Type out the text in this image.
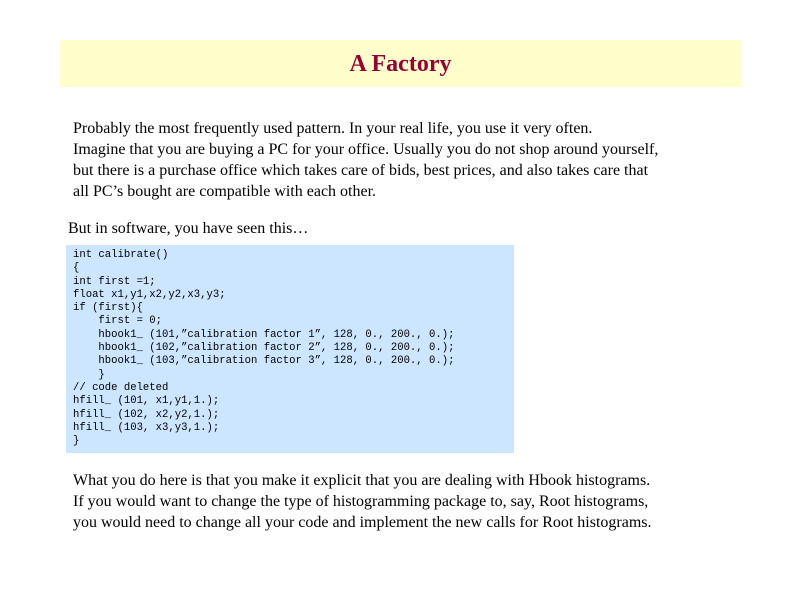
A Factory

Probably the most frequently used pattern. In your real life, you use it very often.
Imagine that you are buying a PC for your office. Usually you do not shop around yourself,
but there is a purchase office which takes care of bids, best prices, and also takes care that
all PC’s bought are compatible with each other.

But in software, you have seen this…

int calibrate()
{
int first =1;
float x1,y1,x2,y2,x3,y3;
if (first){
first = 0;
hbook1_ (101,”calibration factor 1”, 128, 0., 200., 0.);
hbook1_ (102,”calibration factor 2”, 128, 0., 200., 0.);
hbook1_ (103,”calibration factor 3”, 128, 0., 200., 0.);
}
// code deleted
hfill_ (101, x1,y1,1.);
hfill_ (102, x2,y2,1.);
hfill_ (103, x3,y3,1.);
}

What you do here is that you make it explicit that you are dealing with Hbook histograms.
If you would want to change the type of histogramming package to, say, Root histograms,
you would need to change all your code and implement the new calls for Root histograms.
